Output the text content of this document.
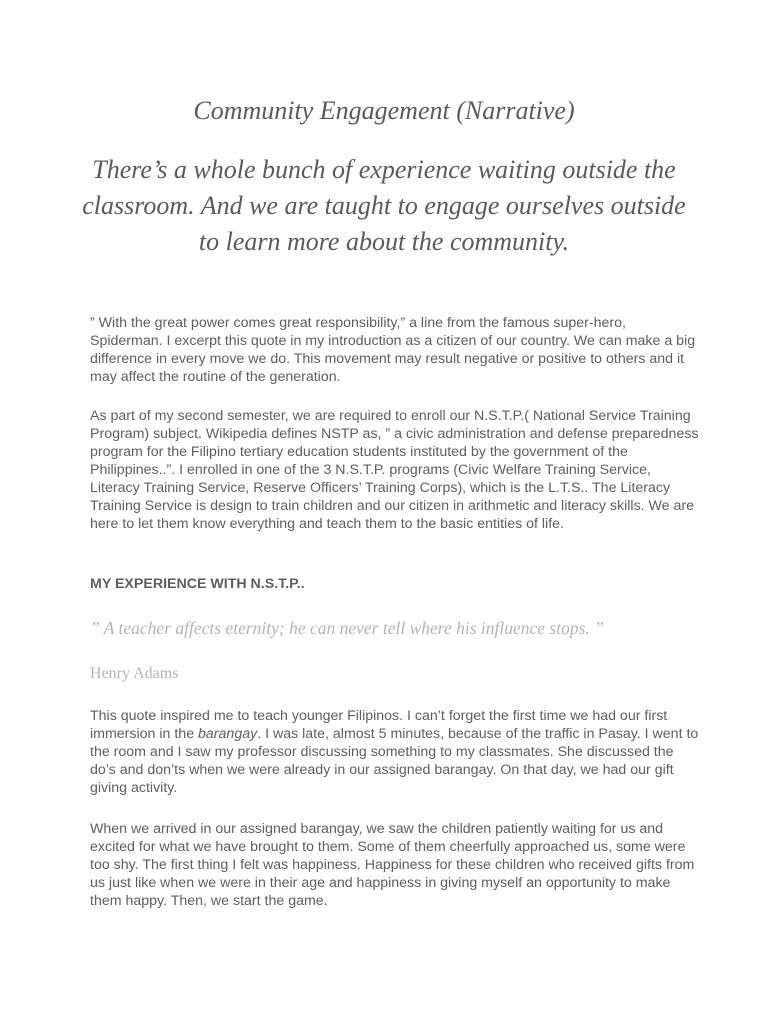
Community Engagement (Narrative)
There’s a whole bunch of experience waiting outside the classroom. And we are taught to engage ourselves outside to learn more about the community.

” With the great power comes great responsibility,” a line from the famous super-hero, Spiderman. I excerpt this quote in my introduction as a citizen of our country. We can make a big difference in every move we do. This movement may result negative or positive to others and it may affect the routine of the generation.

As part of my second semester, we are required to enroll our N.S.T.P.( National Service Training Program) subject. Wikipedia defines NSTP as, ” a civic administration and defense preparedness program for the Filipino tertiary education students instituted by the government of the Philippines..”. I enrolled in one of the 3 N.S.T.P. programs (Civic Welfare Training Service, Literacy Training Service, Reserve Officers’ Training Corps), which is the L.T.S.. The Literacy Training Service is design to train children and our citizen in arithmetic and literacy skills. We are here to let them know everything and teach them to the basic entities of life.

MY EXPERIENCE WITH N.S.T.P..

” A teacher affects eternity; he can never tell where his influence stops. ”

Henry Adams

This quote inspired me to teach younger Filipinos. I can’t forget the first time we had our first immersion in the barangay. I was late, almost 5 minutes, because of the traffic in Pasay. I went to the room and I saw my professor discussing something to my classmates. She discussed the do’s and don’ts when we were already in our assigned barangay. On that day, we had our gift giving activity.

When we arrived in our assigned barangay, we saw the children patiently waiting for us and excited for what we have brought to them. Some of them cheerfully approached us, some were too shy. The first thing I felt was happiness. Happiness for these children who received gifts from us just like when we were in their age and happiness in giving myself an opportunity to make them happy. Then, we start the game.
